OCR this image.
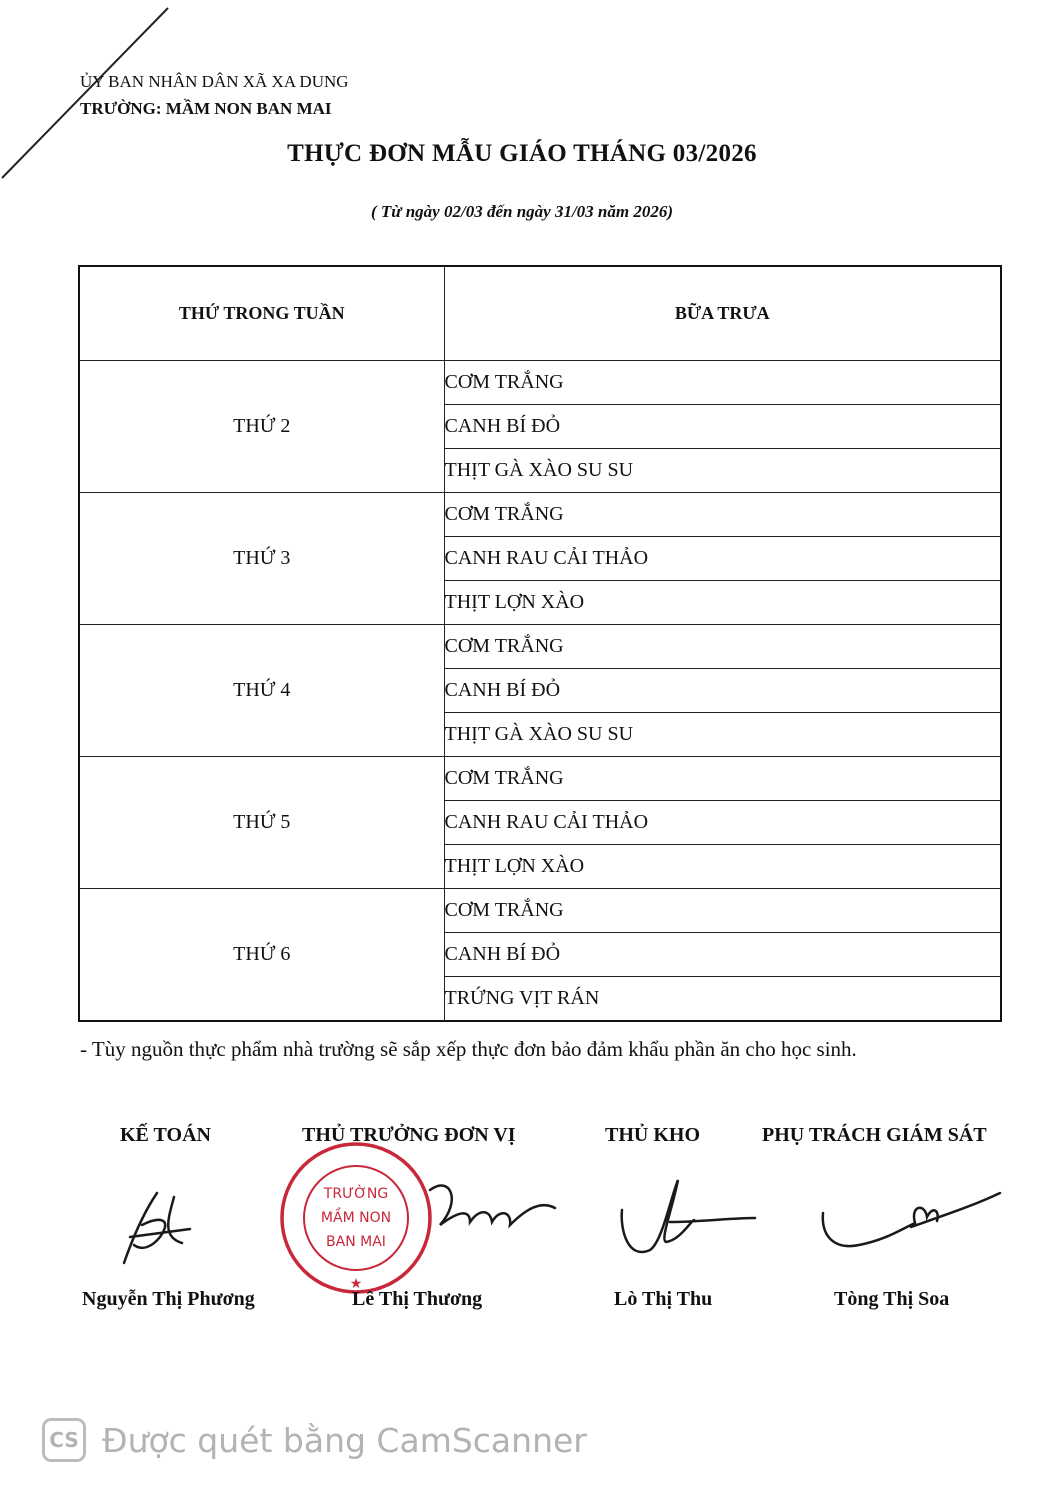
ỦY BAN NHÂN DÂN XÃ XA DUNG
TRƯỜNG: MẦM NON BAN MAI
THỰC ĐƠN MẪU GIÁO THÁNG 03/2026
( Từ ngày 02/03 đến ngày 31/03 năm 2026)
THỨ TRONG TUẦN	BỮA TRƯA
THỨ 2	CƠM TRẮNG
	CANH BÍ ĐỎ
	THỊT GÀ XÀO SU SU
THỨ 3	CƠM TRẮNG
	CANH RAU CẢI THẢO
	THỊT LỢN XÀO
THỨ 4	CƠM TRẮNG
	CANH BÍ ĐỎ
	THỊT GÀ XÀO SU SU
THỨ 5	CƠM TRẮNG
	CANH RAU CẢI THẢO
	THỊT LỢN XÀO
THỨ 6	CƠM TRẮNG
	CANH BÍ ĐỎ
	TRỨNG VỊT RÁN
- Tùy nguồn thực phẩm nhà trường sẽ sắp xếp thực đơn bảo đảm khẩu phần ăn cho học sinh.
KẾ TOÁN	THỦ TRƯỞNG ĐƠN VỊ	THỦ KHO	PHỤ TRÁCH GIÁM SÁT
TRƯỜNG
MẦM NON
BAN MAI
★
Nguyễn Thị Phương	Lê Thị Thương	Lò Thị Thu	Tòng Thị Soa
CS Được quét bằng CamScanner
